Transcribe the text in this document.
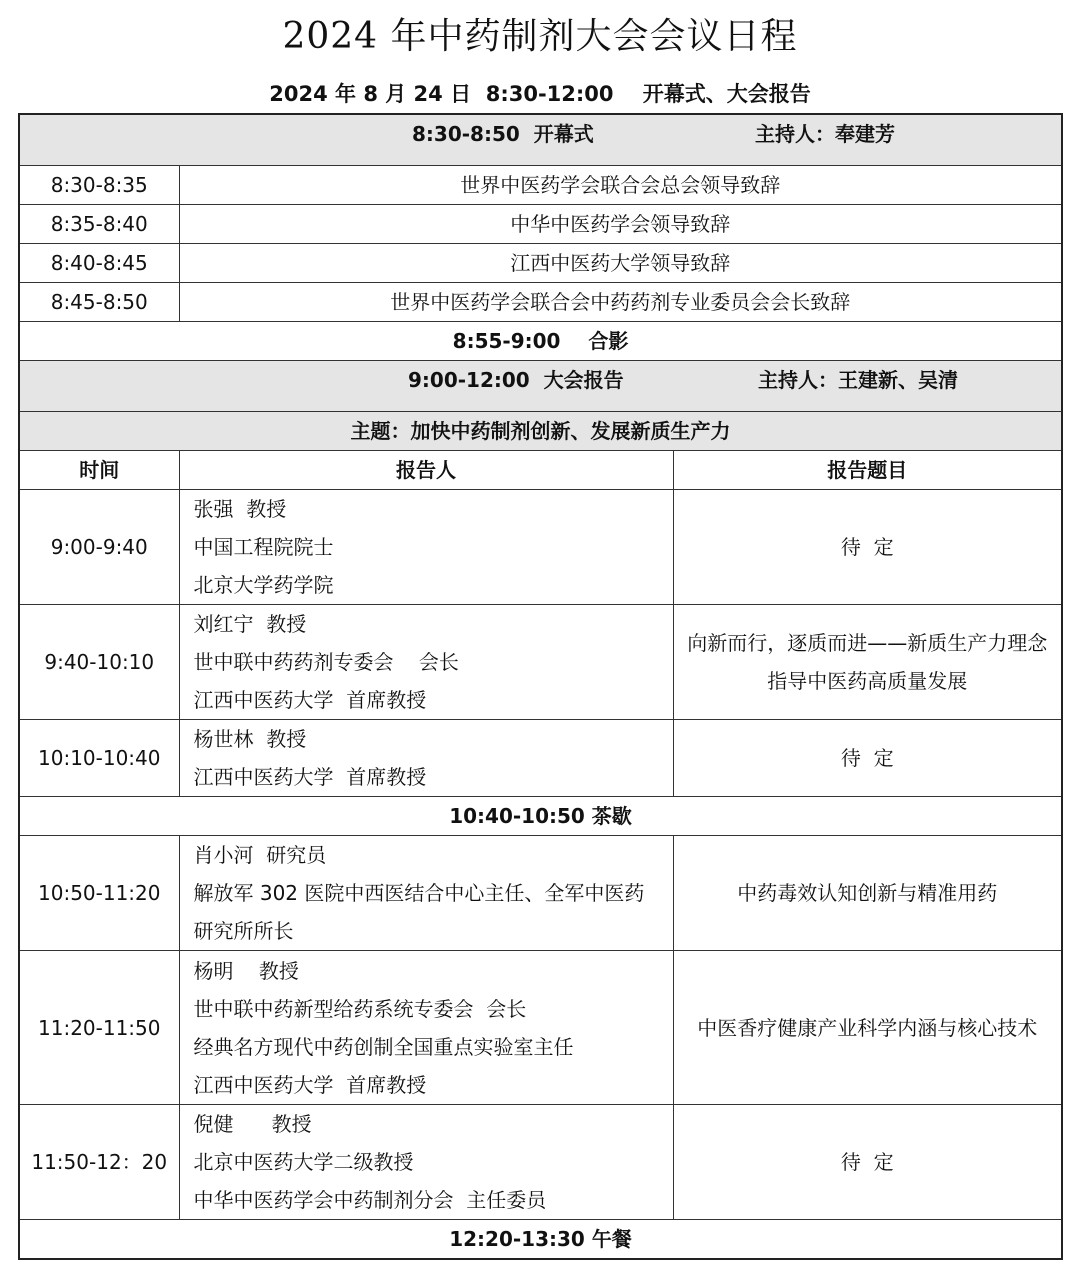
2024 年中药制剂大会会议日程
2024 年 8 月 24 日  8:30-12:00    开幕式、大会报告
8:30-8:50  开幕式 主持人：奉建芳		

8:30-8:35	世界中医药学会联合会总会领导致辞	
8:35-8:40	中华中医药学会领导致辞	
8:40-8:45	江西中医药大学领导致辞	
8:45-8:50	世界中医药学会联合会中药药剂专业委员会会长致辞	
8:55-9:00    合影		

9:00-12:00  大会报告 主持人：王建新、吴清		

主题：加快中药制剂创新、发展新质生产力		
时间	报告人	报告题目
9:00-9:40	张强  教授
中国工程院院士
北京大学药学院	待  定
9:40-10:10	刘红宁  教授
世中联中药药剂专委会    会长
江西中医药大学  首席教授	向新而行，逐质而进——新质生产力理念指导中医药高质量发展

10:10-10:40	杨世林  教授
江西中医药大学  首席教授	待  定
10:40-10:50 茶歇		
10:50-11:20	肖小河  研究员
解放军 302 医院中西医结合中心主任、全军中医药研究所所长	中药毒效认知创新与精准用药
11:20-11:50	杨明    教授
世中联中药新型给药系统专委会  会长
经典名方现代中药创制全国重点实验室主任
江西中医药大学  首席教授	中医香疗健康产业科学内涵与核心技术

11:50-12：20	倪健      教授
北京中医药大学二级教授
中华中医药学会中药制剂分会  主任委员	待  定
12:20-13:30 午餐		
